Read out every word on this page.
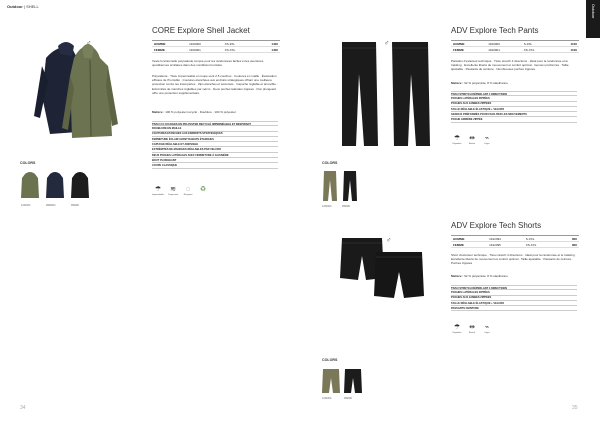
Outdoor | SHELL	Outdoor
♂
CORE Explore Shell Jacket
HOMME	1910000	XS-3XL	140€
FEMME	1910001	XS-XXL	140€
Veste fonctionnelle polyvalente conçue pour les randonnées faciles et les aventures quotidiennes similaires dans des conditions humides.
Polyvalente · Tissu imperméable et coupe-vent 2,5 couches · Coutures en maille · Évacuation efficace de l'humidité · Coutures étanchées aux endroits stratégiques offrant une meilleure protection contre les intempéries · Zips étanches et sécurisés · Capuche réglable et amovible · Extrémités de manches réglables par velcro · Deux poches latérales zippées · Don plongeant offre une protection supplémentaire.
Matière : 100 % polyester recyclé · Doublure : 100 % polyester
TISSU 2,5 COUCHES EN POLYESTER RECYCLÉ IMPERMÉABLE ET RESPIRANT
DOUBLURE EN MAILLE
COUTURES ÉTANCHES AUX ENDROITS STRATÉGIQUES
FERMETURE ÉCLAIR AVANT RABATS ÉTANCHES
CAPUCHE RÉGLABLE ET AMOVIBLE
EXTRÉMITÉS DE MANCHES RÉGLABLES PAR VELCRO
DEUX POCHES LATÉRALES AVEC FERMETURE À GLISSIÈRE
BOUT PLONGEANT
COUPE CLASSIQUE
☂
Imperméable
≋
Coupe-vent
◌
Respirant
♻
COLORS
1234000	9999000	999000
♂
ADV Explore Tech Pants
HOMME	1910000	S-3XL	110€
FEMME	1910001	XS-XXL	110€
Pantalon d'extérieur technique · Tissu stretch 4 directions · Idéal pour la randonnée et le trekking · Excellente liberté de mouvement et confort optimal · Genoux préformés · Taille ajustable · Passants de ceinture · Nombreuses poches zippées
Matière : 92 % polyamide, 8 % élasthanne
TISSU STRETCH DÉPERLANT 4 DIRECTIONS
POCHES LATÉRALES ZIPPÉES
POCHES AUX JAMBES ZIPPÉES
TAILLE RÉGLABLE ÉLASTIQUE + VELCRO
GENOUX PRÉFORMÉS POUR FACILITER LES MOUVEMENTS
POCHE ARRIÈRE ZIPPÉE
☂
Déperlant
⇹
Stretch
⌁
Léger
COLORS
1234000	999000
♂
ADV Explore Tech Shorts
HOMME	1912394	S-XXL	80€
FEMME	1912395	XS-XXL	80€
Short d'extérieur technique · Tissu stretch 4 directions · Idéal pour la randonnée et le trekking · Excellente liberté de mouvement et confort optimal · Taille ajustable · Passants de ceinture · Poches zippées
Matière : 92 % polyamide, 8 % élasthanne
TISSU STRETCH DÉPERLANT 4 DIRECTIONS
POCHES LATÉRALES ZIPPÉES
POCHES AUX JAMBES ZIPPÉES
TAILLE RÉGLABLE ÉLASTIQUE + VELCRO
PASSANTS CEINTURE
☂
Déperlant
⇹
Stretch
⌁
Léger
COLORS
1234000	999000
34	35
